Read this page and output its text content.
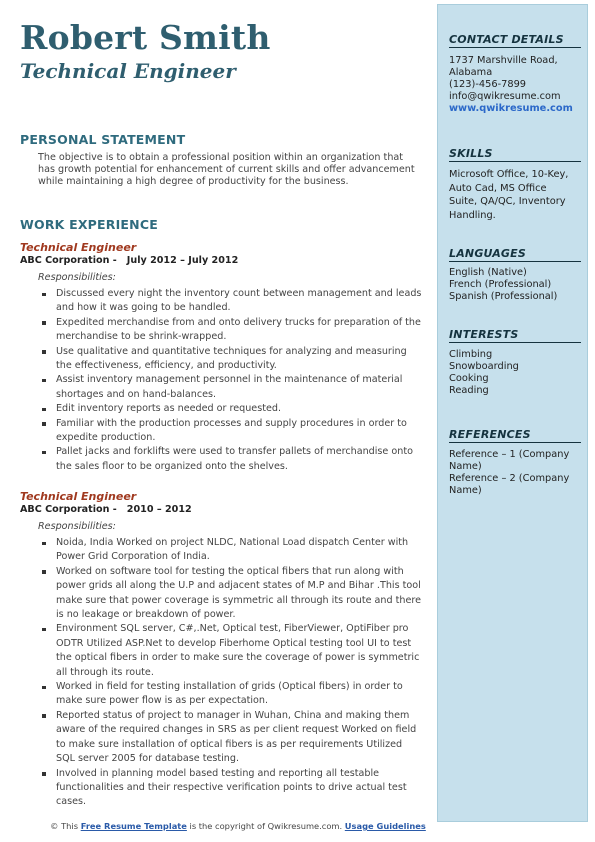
Robert Smith
Technical Engineer
PERSONAL STATEMENT
The objective is to obtain a professional position within an organization that has growth potential for enhancement of current skills and offer advancement while maintaining a high degree of productivity for the business.
WORK EXPERIENCE
Technical Engineer
ABC Corporation - July 2012 – July 2012
Responsibilities:
Discussed every night the inventory count between management and leads and how it was going to be handled.
Expedited merchandise from and onto delivery trucks for preparation of the merchandise to be shrink-wrapped.
Use qualitative and quantitative techniques for analyzing and measuring the effectiveness, efficiency, and productivity.
Assist inventory management personnel in the maintenance of material shortages and on hand-balances.
Edit inventory reports as needed or requested.
Familiar with the production processes and supply procedures in order to expedite production.
Pallet jacks and forklifts were used to transfer pallets of merchandise onto the sales floor to be organized onto the shelves.
Technical Engineer
ABC Corporation - 2010 – 2012
Responsibilities:
Noida, India Worked on project NLDC, National Load dispatch Center with Power Grid Corporation of India.
Worked on software tool for testing the optical fibers that run along with power grids all along the U.P and adjacent states of M.P and Bihar .This tool make sure that power coverage is symmetric all through its route and there is no leakage or breakdown of power.
Environment SQL server, C#,.Net, Optical test, FiberViewer, OptiFiber pro ODTR Utilized ASP.Net to develop Fiberhome Optical testing tool UI to test the optical fibers in order to make sure the coverage of power is symmetric all through its route.
Worked in field for testing installation of grids (Optical fibers) in order to make sure power flow is as per expectation.
Reported status of project to manager in Wuhan, China and making them aware of the required changes in SRS as per client request Worked on field to make sure installation of optical fibers is as per requirements Utilized SQL server 2005 for database testing.
Involved in planning model based testing and reporting all testable functionalities and their respective verification points to drive actual test cases.
CONTACT DETAILS
1737 Marshville Road,
Alabama
(123)-456-7899
info@qwikresume.com
www.qwikresume.com
SKILLS
Microsoft Office, 10-Key,
Auto Cad, MS Office
Suite, QA/QC, Inventory
Handling.
LANGUAGES
English (Native)
French (Professional)
Spanish (Professional)
INTERESTS
Climbing
Snowboarding
Cooking
Reading
REFERENCES
Reference – 1 (Company
Name)
Reference – 2 (Company
Name)
© This Free Resume Template is the copyright of Qwikresume.com. Usage Guidelines
